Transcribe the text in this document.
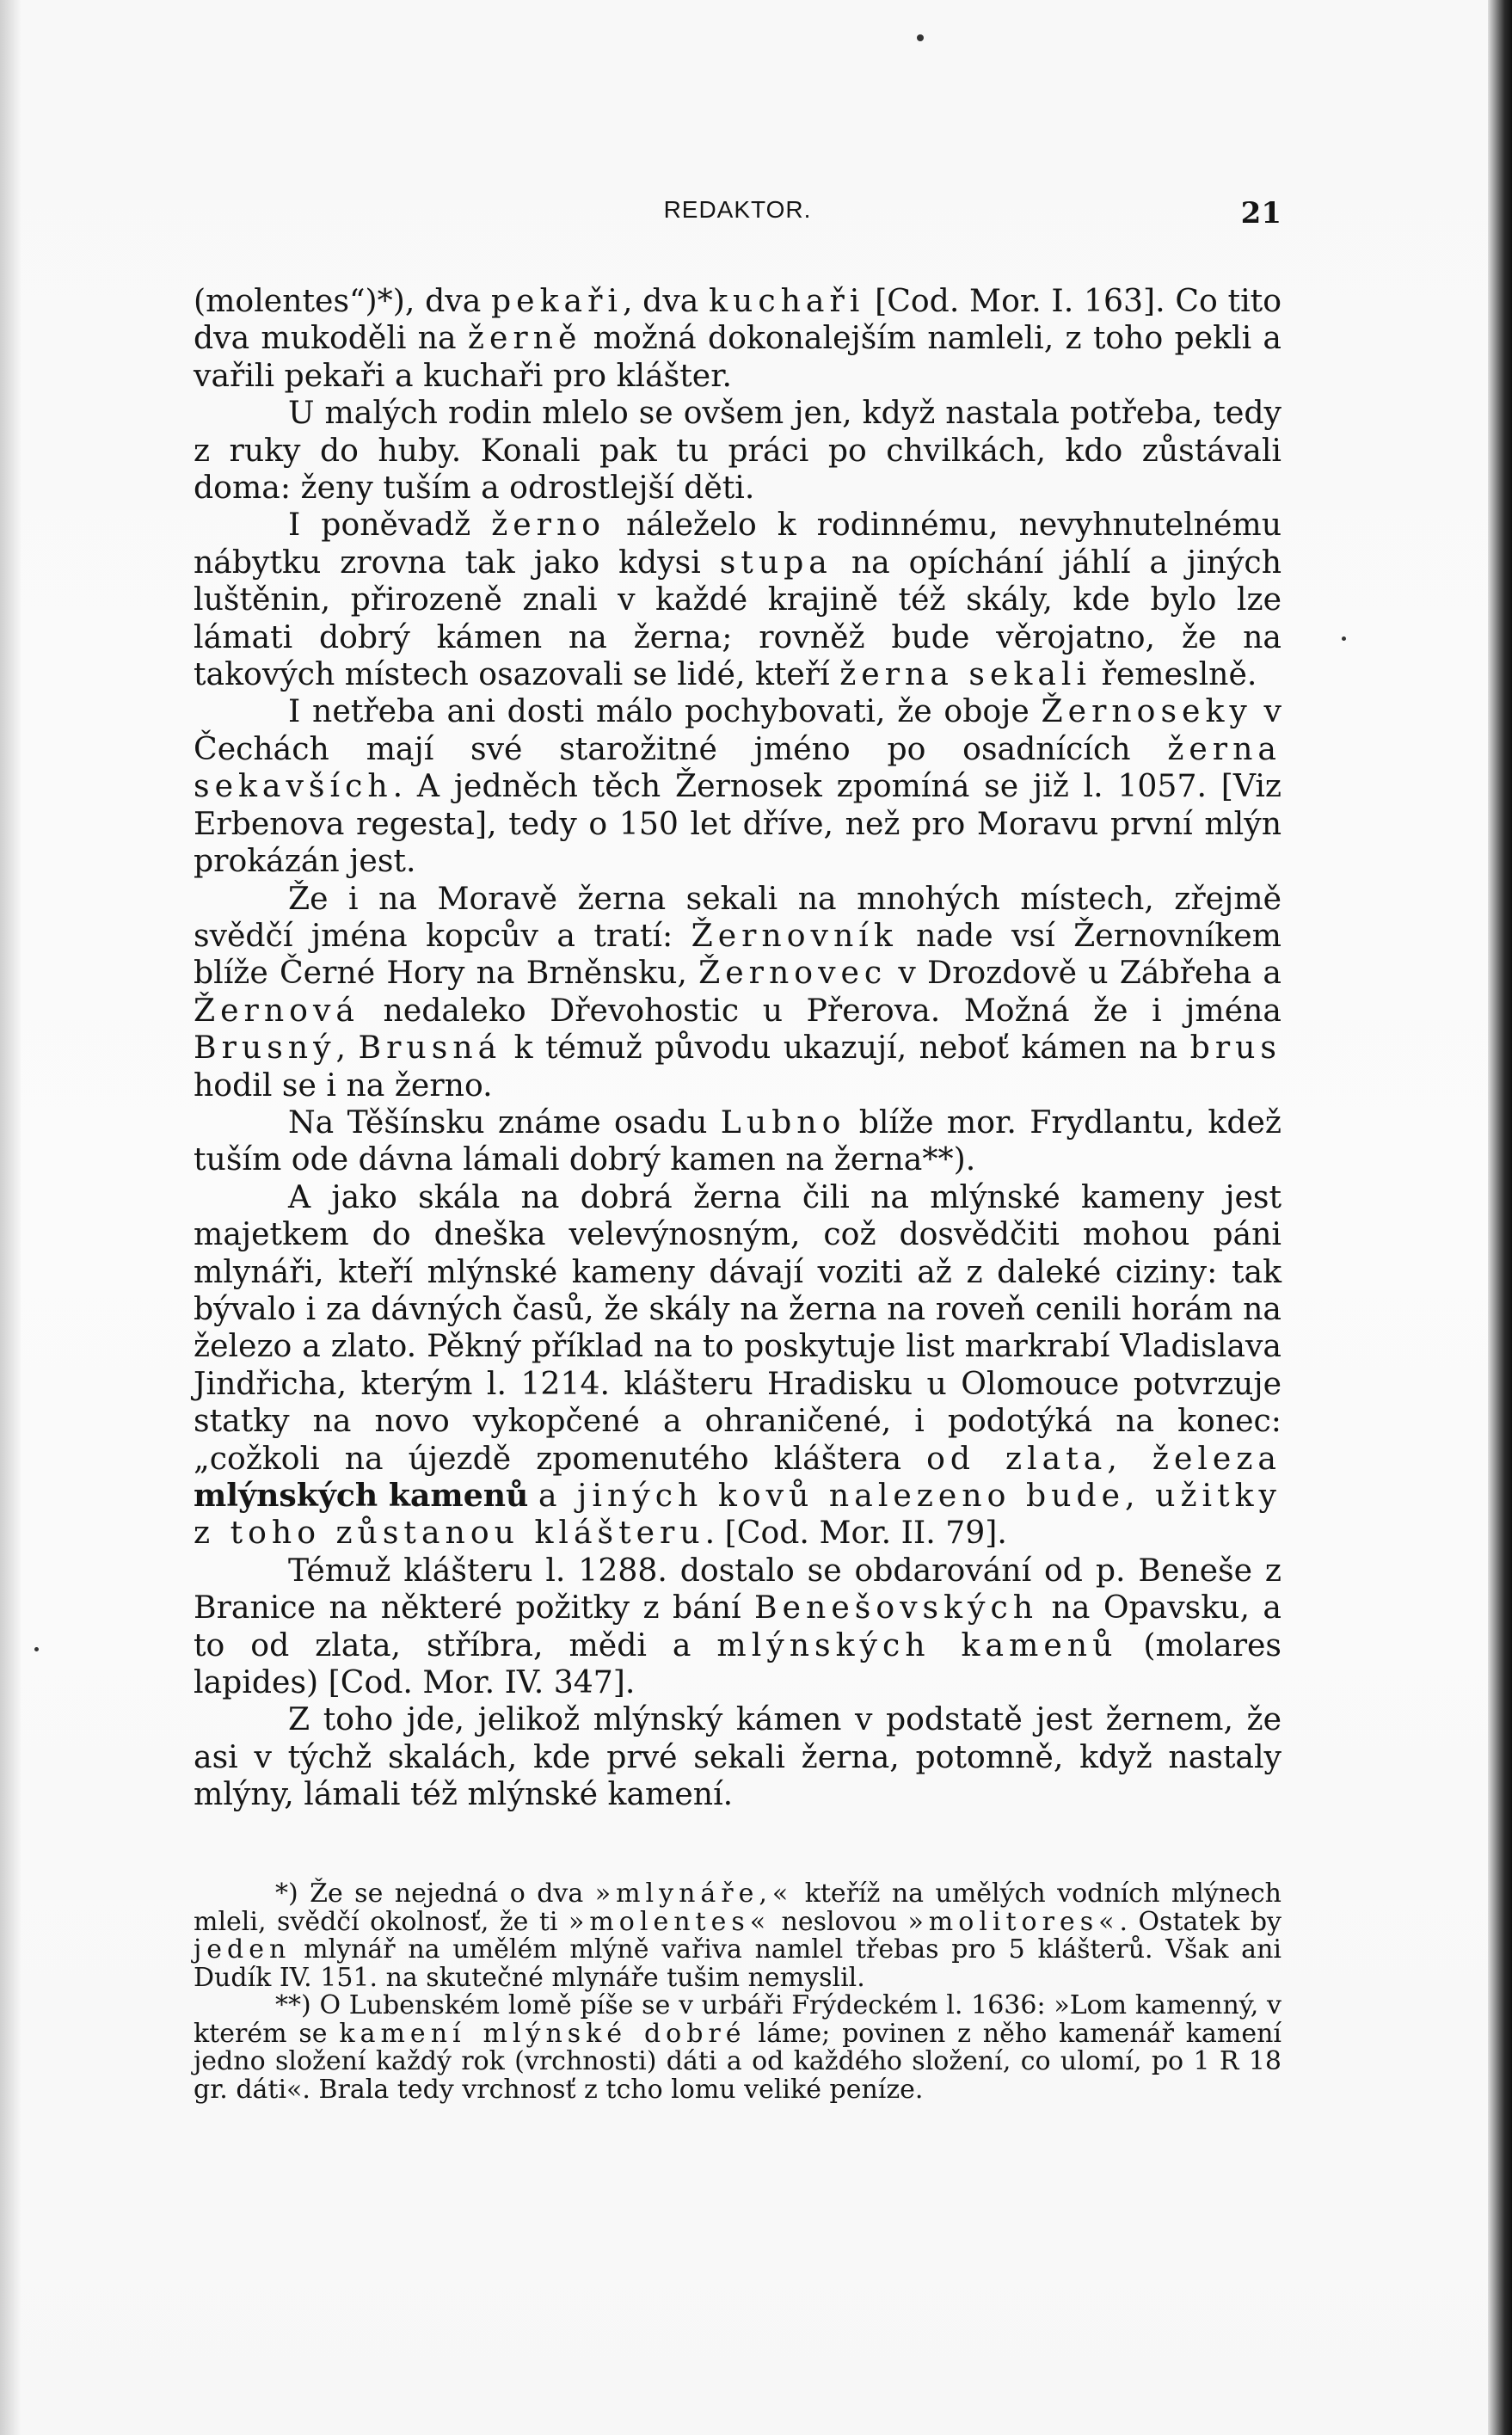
REDAKTOR.	21

(molentes“)*), dva pekaři, dva kuchaři [Cod. Mor. I. 163]. Co tito dva mukoděli na žerně možná dokonalejším namleli, z toho pekli a vařili pekaři a kuchaři pro klášter.

U malých rodin mlelo se ovšem jen, když nastala potřeba, tedy z ruky do huby. Konali pak tu práci po chvilkách, kdo zůstávali doma: ženy tuším a odrostlejší děti.

I poněvadž žerno náleželo k rodinnému, nevyhnutelnému nábytku zrovna tak jako kdysi stupa na opíchání jáhlí a jiných luštěnin, přirozeně znali v každé krajině též skály, kde bylo lze lámati dobrý kámen na žerna; rovněž bude věrojatno, že na takových místech osazovali se lidé, kteří žerna sekali řemeslně.

I netřeba ani dosti málo pochybovati, že oboje Žernoseky v Čechách mají své starožitné jméno po osadnících žerna sekavších. A jedněch těch Žernosek zpomíná se již l. 1057. [Viz Erbenova regesta], tedy o 150 let dříve, než pro Moravu první mlýn prokázán jest.

Že i na Moravě žerna sekali na mnohých místech, zřejmě svědčí jména kopcův a tratí: Žernovník nade vsí Žernovníkem blíže Černé Hory na Brněnsku, Žernovec v Drozdově u Zábřeha a Žernová nedaleko Dřevohostic u Přerova. Možná že i jména Brusný, Brusná k témuž původu ukazují, neboť kámen na brus hodil se i na žerno.

Na Těšínsku známe osadu Lubno blíže mor. Frydlantu, kdež tuším ode dávna lámali dobrý kamen na žerna**).

A jako skála na dobrá žerna čili na mlýnské kameny jest majetkem do dneška velevýnosným, což dosvědčiti mohou páni mlynáři, kteří mlýnské kameny dávají voziti až z daleké ciziny: tak bývalo i za dávných časů, že skály na žerna na roveň cenili horám na železo a zlato. Pěkný příklad na to poskytuje list markrabí Vladislava Jindřicha, kterým l. 1214. klášteru Hradisku u Olomouce potvrzuje statky na novo vykopčené a ohraničené, i podotýká na konec: „cožkoli na újezdě zpomenutého kláštera od zlata, železa mlýnských kamenů a jiných kovů nalezeno bude, užitky z toho zůstanou klášteru. [Cod. Mor. II. 79].

Témuž klášteru l. 1288. dostalo se obdarování od p. Beneše z Branice na některé požitky z bání Benešovských na Opavsku, a to od zlata, stříbra, mědi a mlýnských kamenů (molares lapides) [Cod. Mor. IV. 347].

Z toho jde, jelikož mlýnský kámen v podstatě jest žernem, že asi v týchž skalách, kde prvé sekali žerna, potomně, když nastaly mlýny, lámali též mlýnské kamení.

*) Že se nejedná o dva »mlynáře,« kteříž na umělých vodních mlýnech mleli, svědčí okolnosť, že ti »molentes« neslovou »molitores«. Ostatek by jeden mlynář na umělém mlýně vařiva namlel třebas pro 5 klášterů. Však ani Dudík IV. 151. na skutečné mlynáře tušim nemyslil.

**) O Lubenském lomě píše se v urbáři Frýdeckém l. 1636: »Lom kamenný, v kterém se kamení mlýnské dobré láme; povinen z něho kamenář kamení jedno složení každý rok (vrchnosti) dáti a od každého složení, co ulomí, po 1 R 18 gr. dáti«. Brala tedy vrchnosť z tcho lomu veliké peníze.
